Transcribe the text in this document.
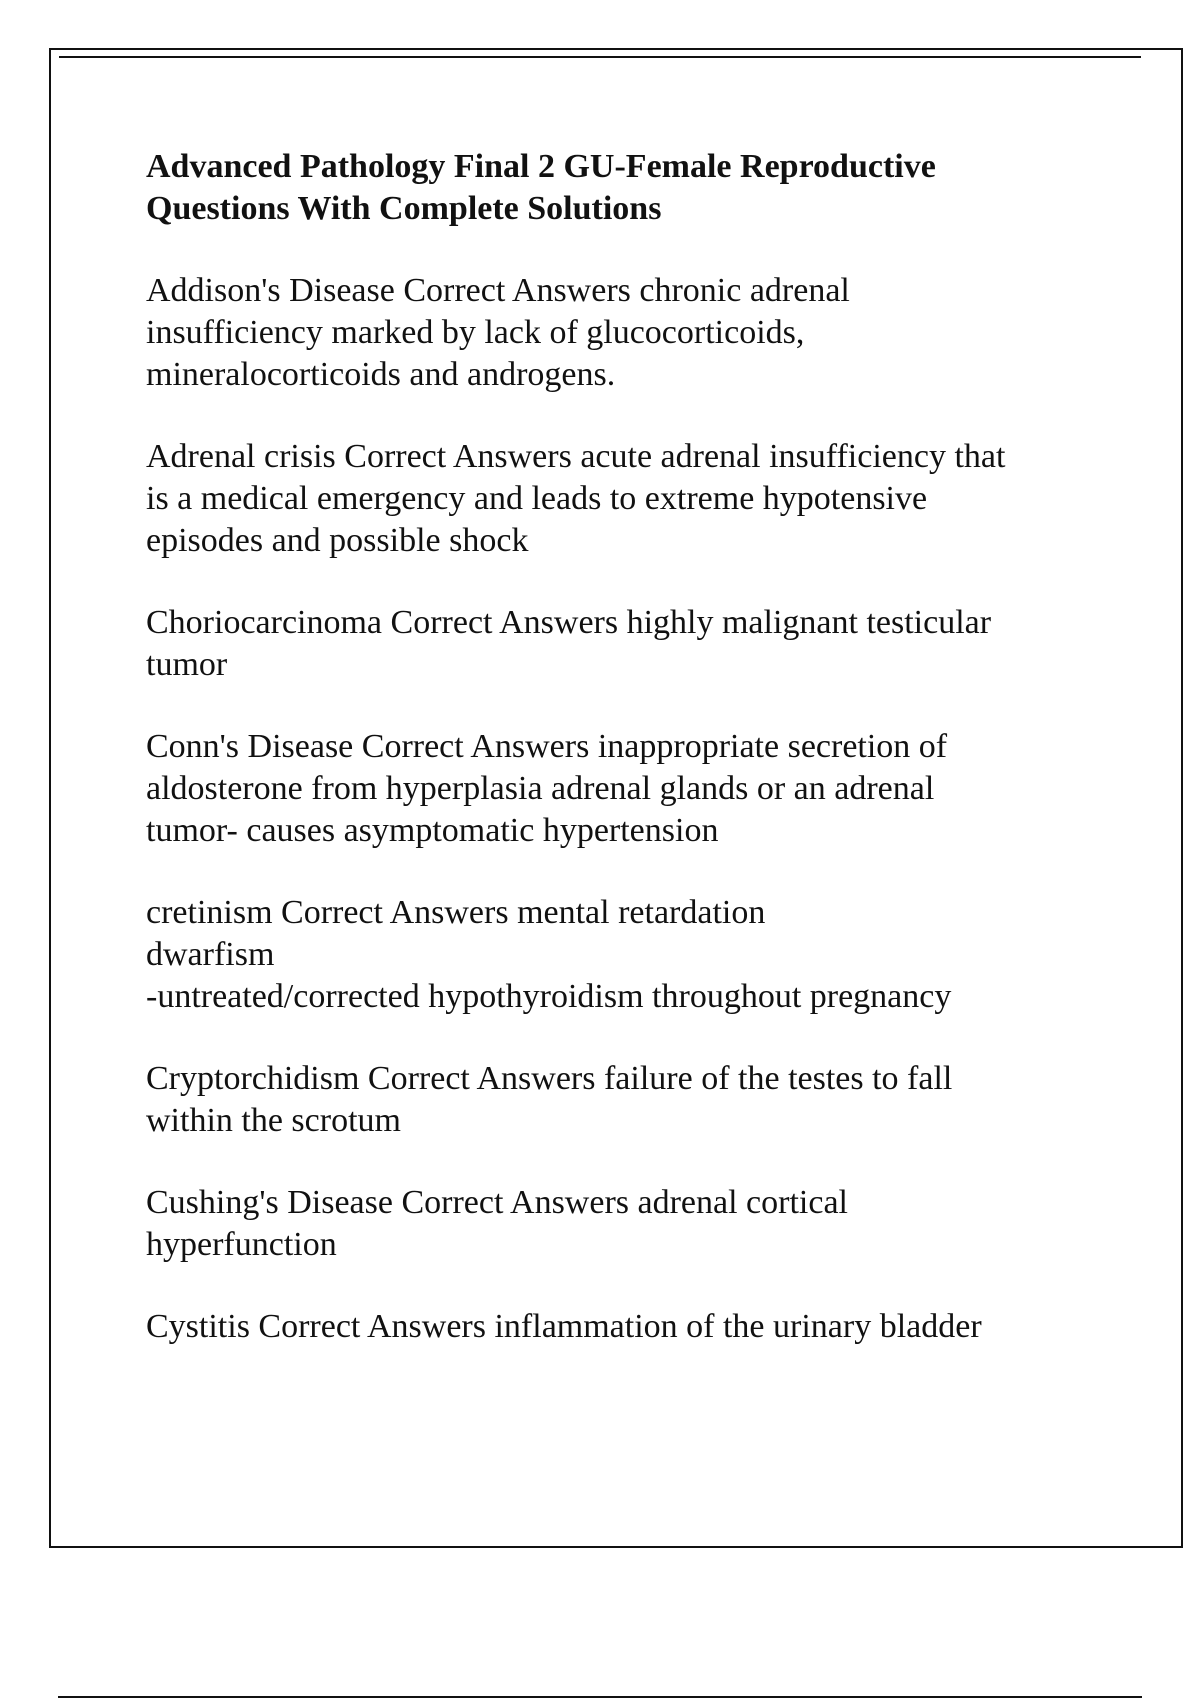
Advanced Pathology Final 2 GU-Female Reproductive Questions With Complete Solutions
Addison's Disease Correct Answers chronic adrenal
insufficiency marked by lack of glucocorticoids,
mineralocorticoids and androgens.
Adrenal crisis Correct Answers acute adrenal insufficiency that
is a medical emergency and leads to extreme hypotensive
episodes and possible shock
Choriocarcinoma Correct Answers highly malignant testicular
tumor
Conn's Disease Correct Answers inappropriate secretion of
aldosterone from hyperplasia adrenal glands or an adrenal
tumor- causes asymptomatic hypertension
cretinism Correct Answers mental retardation
dwarfism
-untreated/corrected hypothyroidism throughout pregnancy
Cryptorchidism Correct Answers failure of the testes to fall
within the scrotum
Cushing's Disease Correct Answers adrenal cortical
hyperfunction
Cystitis Correct Answers inflammation of the urinary bladder
